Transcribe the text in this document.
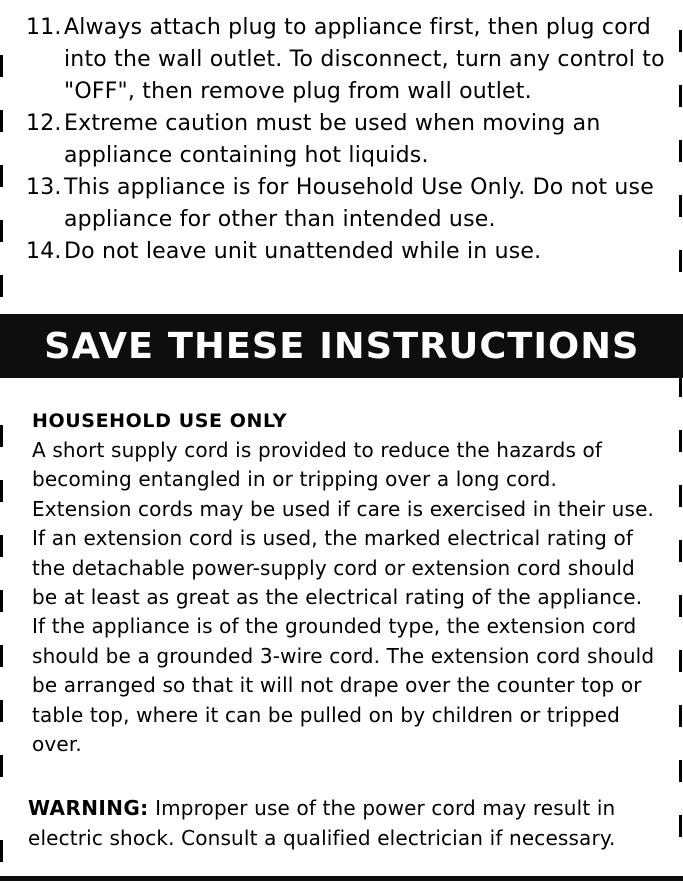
11. Always attach plug to appliance first, then plug cord into the wall outlet. To disconnect, turn any control to "OFF", then remove plug from wall outlet.
12. Extreme caution must be used when moving an appliance containing hot liquids.
13. This appliance is for Household Use Only. Do not use appliance for other than intended use.
14. Do not leave unit unattended while in use.
SAVE THESE INSTRUCTIONS
HOUSEHOLD USE ONLY

A short supply cord is provided to reduce the hazards of becoming entangled in or tripping over a long cord. Extension cords may be used if care is exercised in their use. If an extension cord is used, the marked electrical rating of the detachable power-supply cord or extension cord should be at least as great as the electrical rating of the appliance. If the appliance is of the grounded type, the extension cord should be a grounded 3-wire cord. The extension cord should be arranged so that it will not drape over the counter top or table top, where it can be pulled on by children or tripped over.

WARNING: Improper use of the power cord may result in electric shock. Consult a qualified electrician if necessary.
